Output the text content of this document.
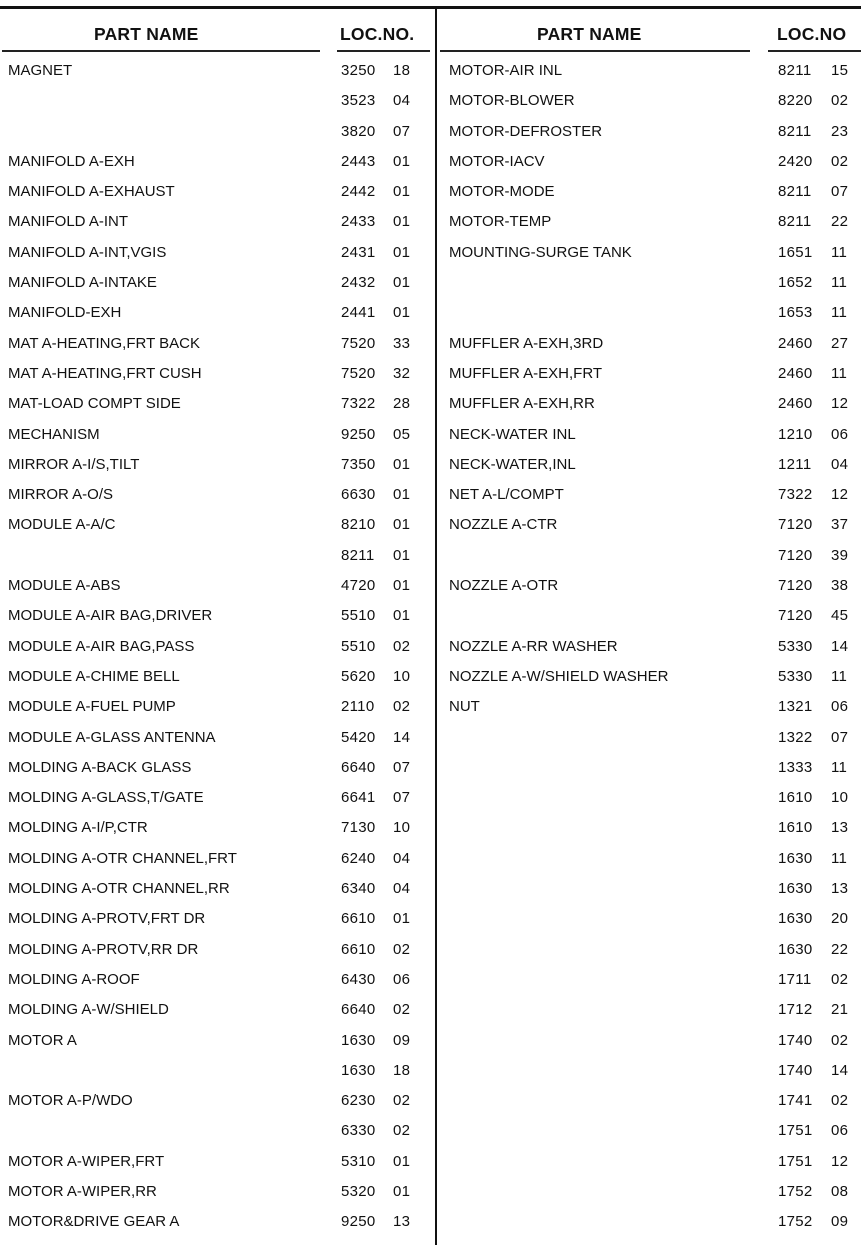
PART NAME	LOC.NO.
MAGNET	3250 18
3523 04
3820 07
MANIFOLD A-EXH	2443 01
MANIFOLD A-EXHAUST	2442 01
MANIFOLD A-INT	2433 01
MANIFOLD A-INT,VGIS	2431 01
MANIFOLD A-INTAKE	2432 01
MANIFOLD-EXH	2441 01
MAT A-HEATING,FRT BACK	7520 33
MAT A-HEATING,FRT CUSH	7520 32
MAT-LOAD COMPT SIDE	7322 28
MECHANISM	9250 05
MIRROR A-I/S,TILT	7350 01
MIRROR A-O/S	6630 01
MODULE A-A/C	8210 01
8211 01
MODULE A-ABS	4720 01
MODULE A-AIR BAG,DRIVER	5510 01
MODULE A-AIR BAG,PASS	5510 02
MODULE A-CHIME BELL	5620 10
MODULE A-FUEL PUMP	2110 02
MODULE A-GLASS ANTENNA	5420 14
MOLDING A-BACK GLASS	6640 07
MOLDING A-GLASS,T/GATE	6641 07
MOLDING A-I/P,CTR	7130 10
MOLDING A-OTR CHANNEL,FRT	6240 04
MOLDING A-OTR CHANNEL,RR	6340 04
MOLDING A-PROTV,FRT DR	6610 01
MOLDING A-PROTV,RR DR	6610 02
MOLDING A-ROOF	6430 06
MOLDING A-W/SHIELD	6640 02
MOTOR A	1630 09
1630 18
MOTOR A-P/WDO	6230 02
6330 02
MOTOR A-WIPER,FRT	5310 01
MOTOR A-WIPER,RR	5320 01
MOTOR&DRIVE GEAR A	9250 13
PART NAME	LOC.NO
MOTOR-AIR INL	8211 15
MOTOR-BLOWER	8220 02
MOTOR-DEFROSTER	8211 23
MOTOR-IACV	2420 02
MOTOR-MODE	8211 07
MOTOR-TEMP	8211 22
MOUNTING-SURGE TANK	1651 11
1652 11
1653 11
MUFFLER A-EXH,3RD	2460 27
MUFFLER A-EXH,FRT	2460 11
MUFFLER A-EXH,RR	2460 12
NECK-WATER INL	1210 06
NECK-WATER,INL	1211 04
NET A-L/COMPT	7322 12
NOZZLE A-CTR	7120 37
7120 39
NOZZLE A-OTR	7120 38
7120 45
NOZZLE A-RR WASHER	5330 14
NOZZLE A-W/SHIELD WASHER	5330 11
NUT	1321 06
1322 07
1333 11
1610 10
1610 13
1630 11
1630 13
1630 20
1630 22
1711 02
1712 21
1740 02
1740 14
1741 02
1751 06
1751 12
1752 08
1752 09
